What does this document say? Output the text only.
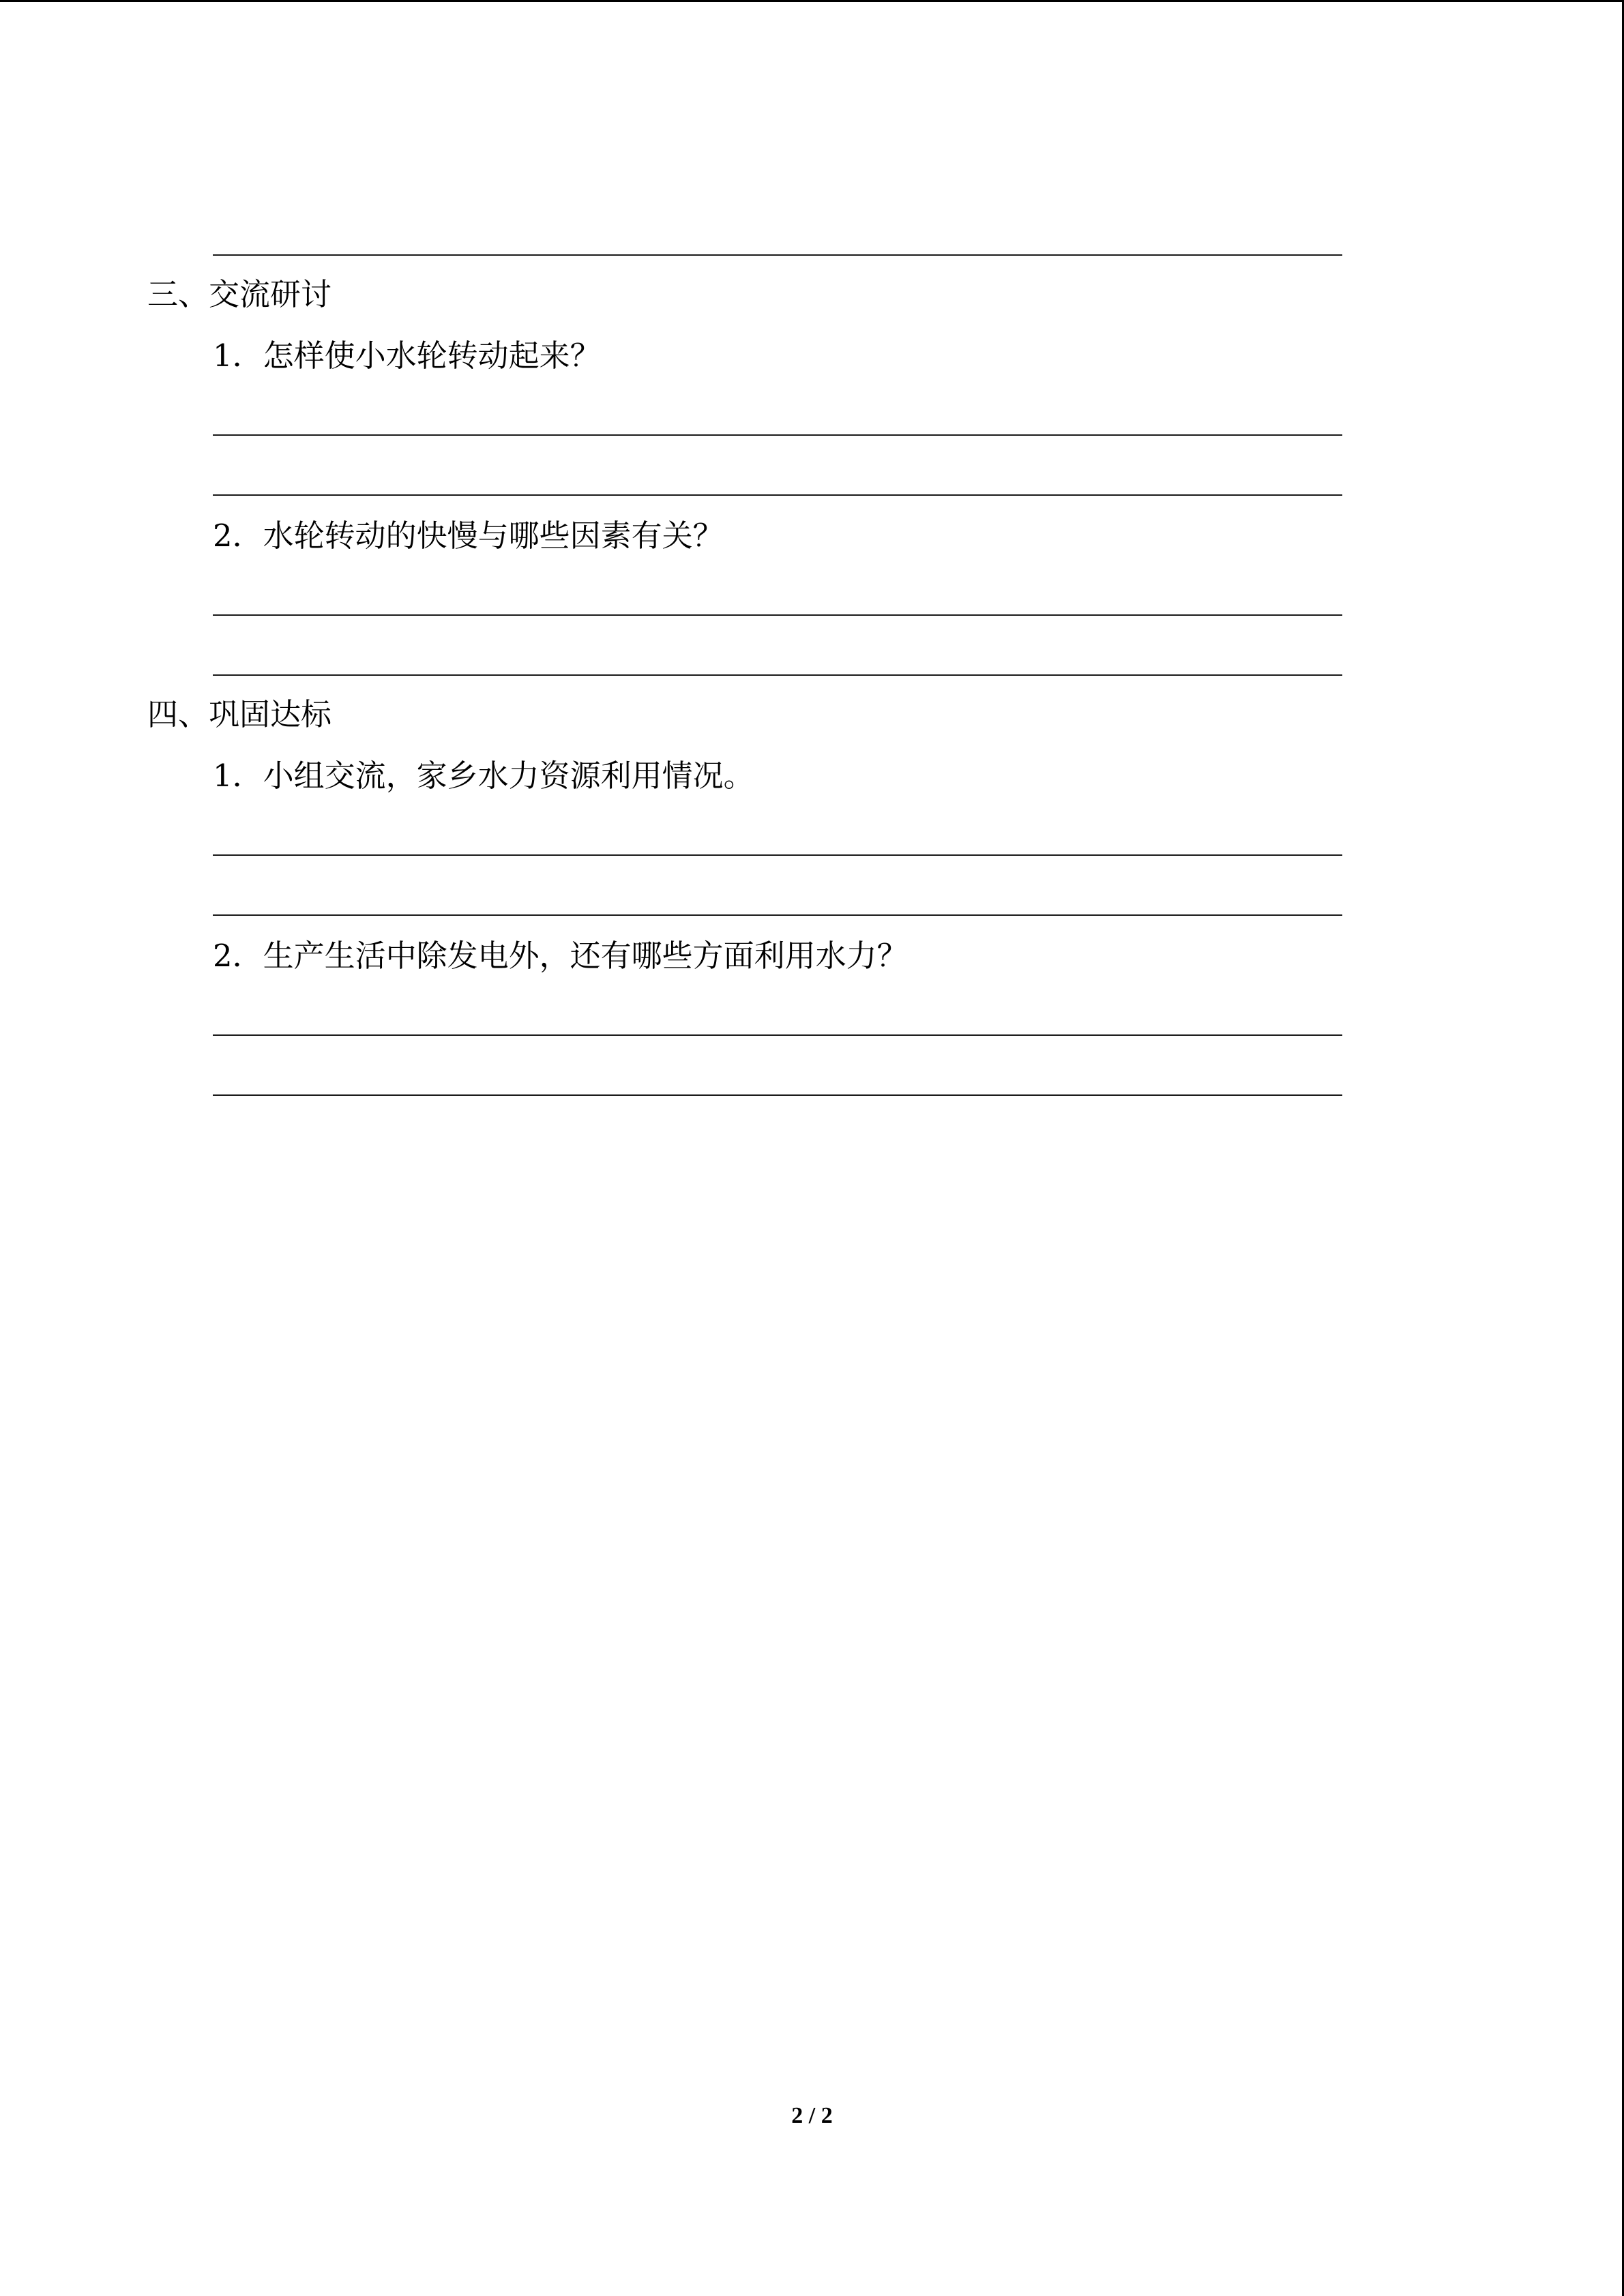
三、交流研讨
1．怎样使小水轮转动起来？
2．水轮转动的快慢与哪些因素有关？
四、巩固达标
1．小组交流，家乡水力资源利用情况。
2．生产生活中除发电外，还有哪些方面利用水力？
2 / 2
